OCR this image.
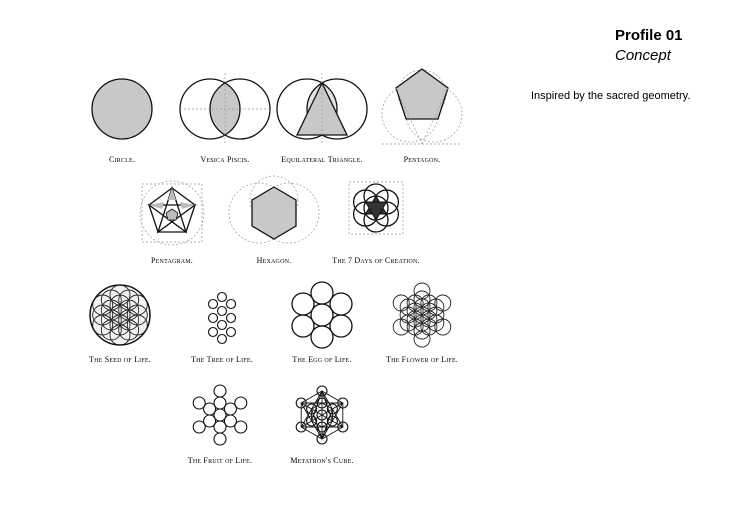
Profile 01
Concept
Inspired by the sacred geometry.
Circle.	Vesica Piscis.	Equilateral Triangle.	Pentagon.
Pentagram.	Hexagon.	The 7 Days of Creation.
The Seed of Life.	The Tree of Life.	The Egg of Life.	The Flower of Life.
The Fruit of Life.	Metatron's Cube.
